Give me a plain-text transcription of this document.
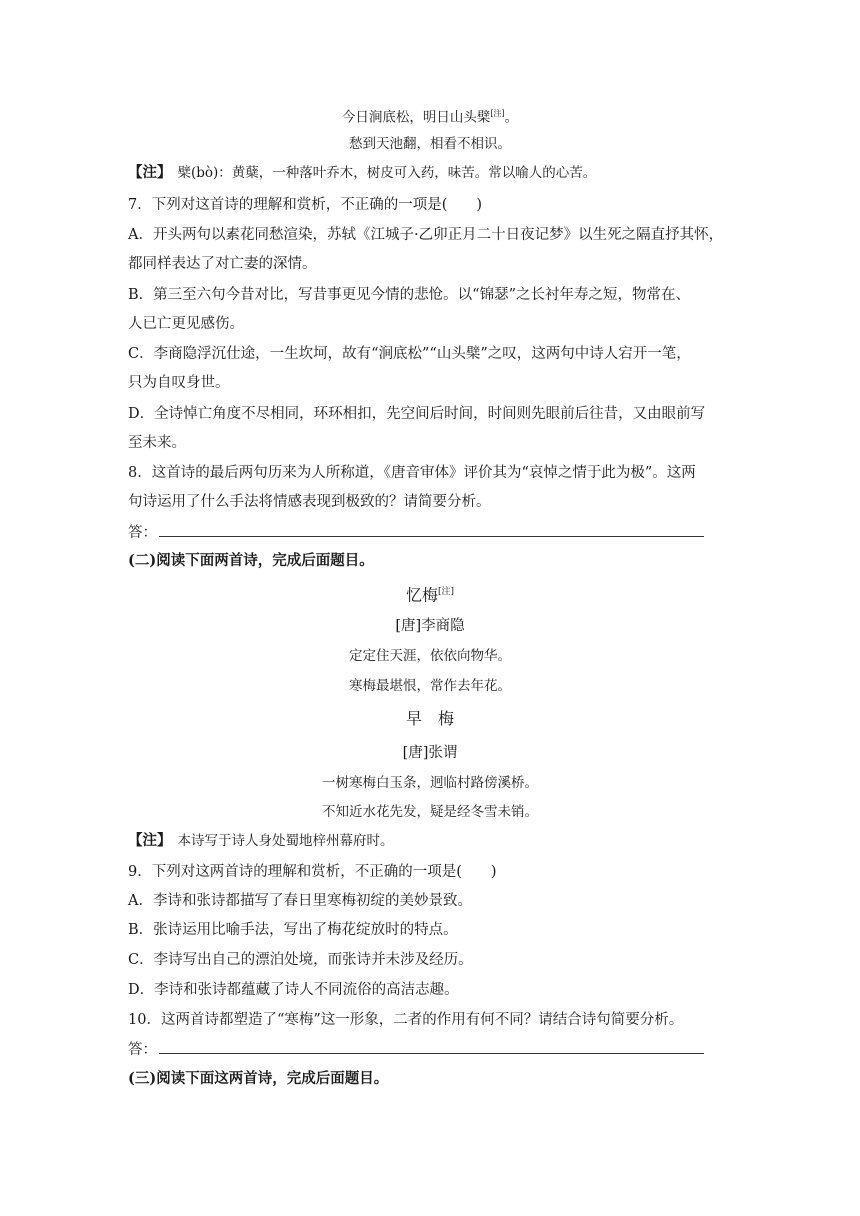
今日涧底松，明日山头檗[注]。
愁到天池翻，相看不相识。
【注】 檗(bò)：黄蘖，一种落叶乔木，树皮可入药，味苦。常以喻人的心苦。
7．下列对这首诗的理解和赏析，不正确的一项是(　　)
A．开头两句以素花同愁渲染，苏轼《江城子·乙卯正月二十日夜记梦》以生死之隔直抒其怀，
都同样表达了对亡妻的深情。
B．第三至六句今昔对比，写昔事更见今情的悲怆。以“锦瑟”之长衬年寿之短，物常在、
人已亡更见感伤。
C．李商隐浮沉仕途，一生坎坷，故有“涧底松”“山头檗”之叹，这两句中诗人宕开一笔，
只为自叹身世。
D．全诗悼亡角度不尽相同，环环相扣，先空间后时间，时间则先眼前后往昔，又由眼前写
至未来。
8．这首诗的最后两句历来为人所称道，《唐音审体》评价其为“哀悼之情于此为极”。这两
句诗运用了什么手法将情感表现到极致的？请简要分析。
答：
(二)阅读下面两首诗，完成后面题目。
忆梅[注]
[唐]李商隐
定定住天涯，依依向物华。
寒梅最堪恨，常作去年花。
早　梅
[唐]张谓
一树寒梅白玉条，迥临村路傍溪桥。
不知近水花先发，疑是经冬雪未销。
【注】 本诗写于诗人身处蜀地梓州幕府时。
9．下列对这两首诗的理解和赏析，不正确的一项是(　　)
A．李诗和张诗都描写了春日里寒梅初绽的美妙景致。
B．张诗运用比喻手法，写出了梅花绽放时的特点。
C．李诗写出自己的漂泊处境，而张诗并未涉及经历。
D．李诗和张诗都蕴藏了诗人不同流俗的高洁志趣。
10．这两首诗都塑造了“寒梅”这一形象，二者的作用有何不同？请结合诗句简要分析。
答：
(三)阅读下面这两首诗，完成后面题目。
